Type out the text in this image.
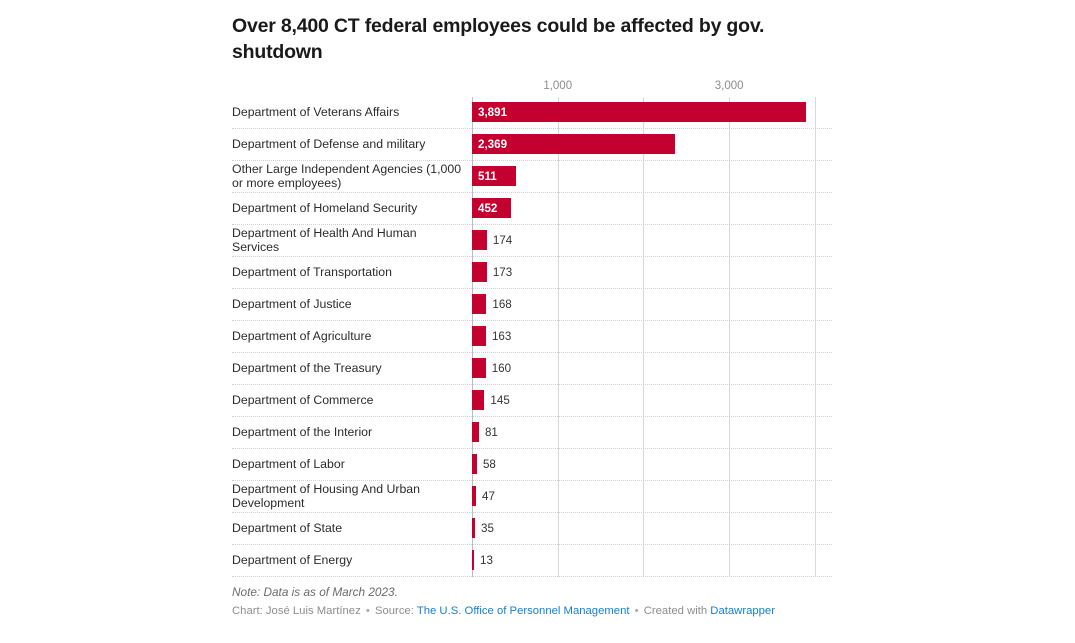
Over 8,400 CT federal employees could be affected by gov. shutdown
1,000	3,000
Department of Veterans Affairs	3,891
Department of Defense and military	2,369
Other Large Independent Agencies (1,000 or more employees)	511
Department of Homeland Security	452
Department of Health And Human Services	174
Department of Transportation	173
Department of Justice	168
Department of Agriculture	163
Department of the Treasury	160
Department of Commerce	145
Department of the Interior	81
Department of Labor	58
Department of Housing And Urban Development	47
Department of State	35
Department of Energy	13
Note: Data is as of March 2023.
Chart: José Luis Martínez • Source: The U.S. Office of Personnel Management • Created with Datawrapper
